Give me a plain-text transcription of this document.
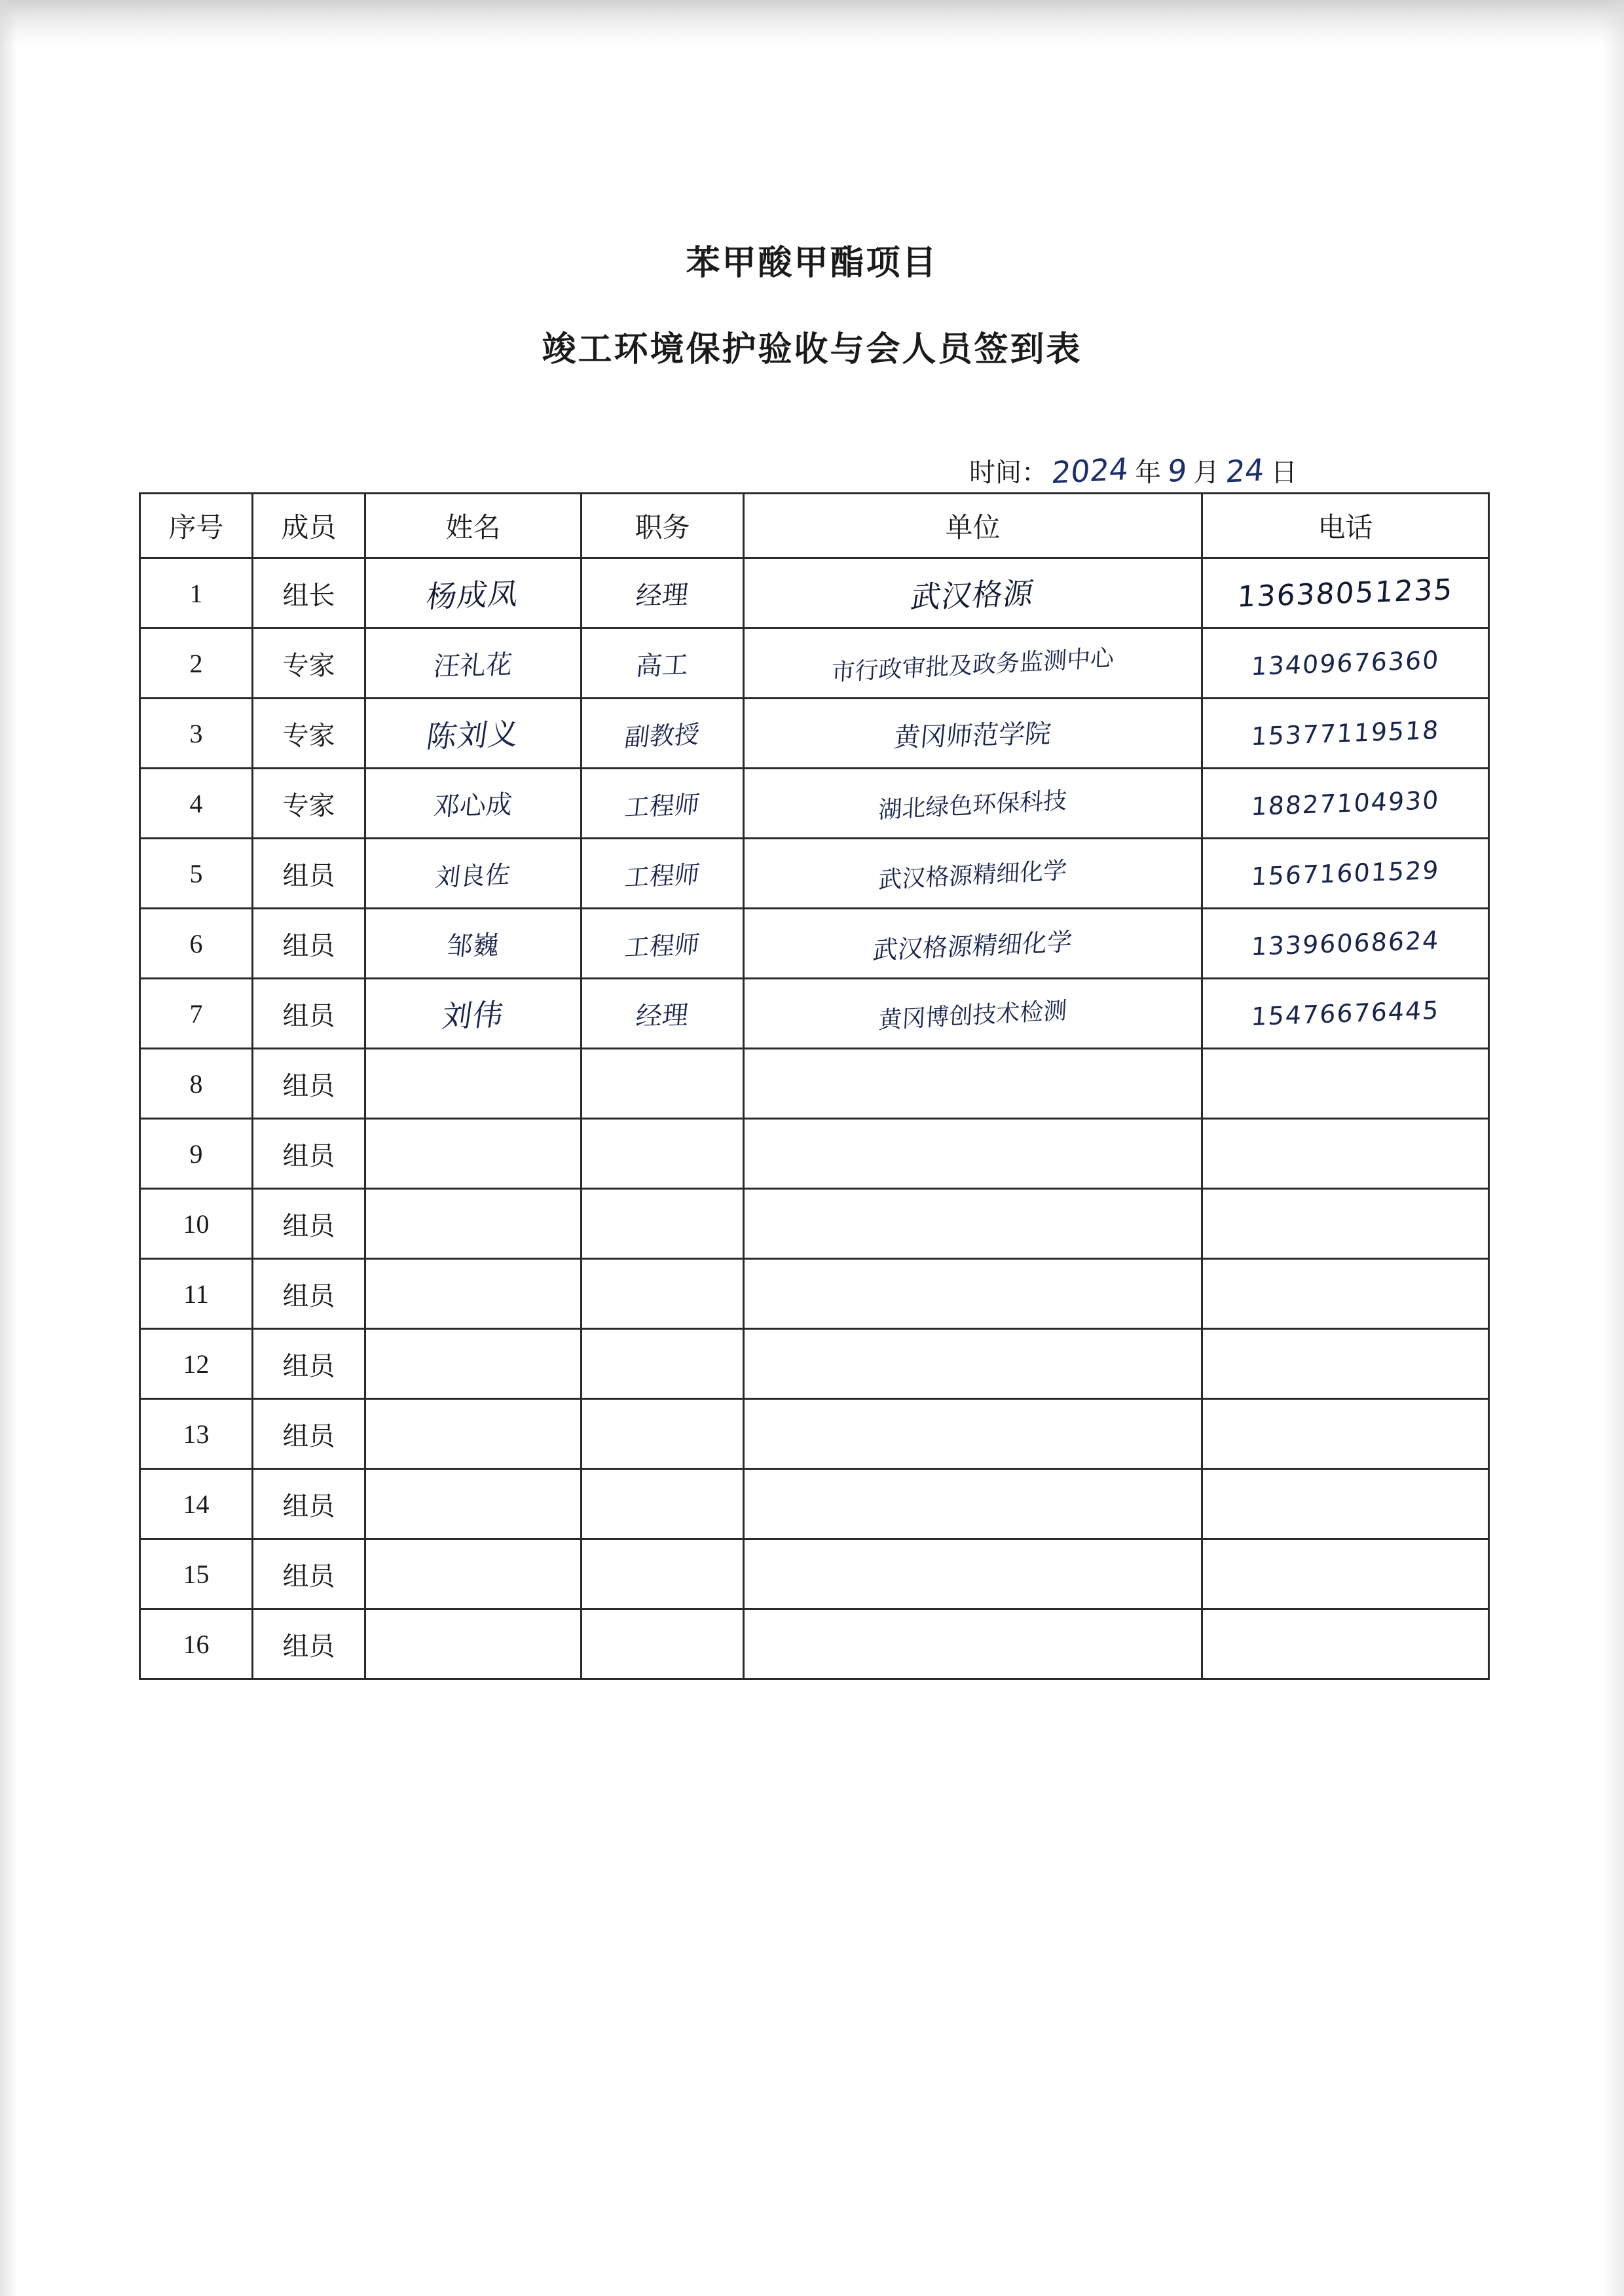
苯甲酸甲酯项目
竣工环境保护验收与会人员签到表
时间： 2024 年 9 月 24 日
序号	成员	姓名	职务	单位	电话
1	组长	杨成凤	经理	武汉格源	13638051235

2	专家	汪礼花	高工	市行政审批及政务监测中心	13409676360

3	专家	陈刘义	副教授	黄冈师范学院	15377119518

4	专家	邓心成	工程师	湖北绿色环保科技	18827104930

5	组员	刘良佐	工程师	武汉格源精细化学	15671601529

6	组员	邹巍	工程师	武汉格源精细化学	13396068624

7	组员	刘伟	经理	黄冈博创技术检测	15476676445

8	组员				
9	组员				
10	组员				
11	组员				
12	组员				
13	组员				
14	组员				
15	组员				
16	组员				
